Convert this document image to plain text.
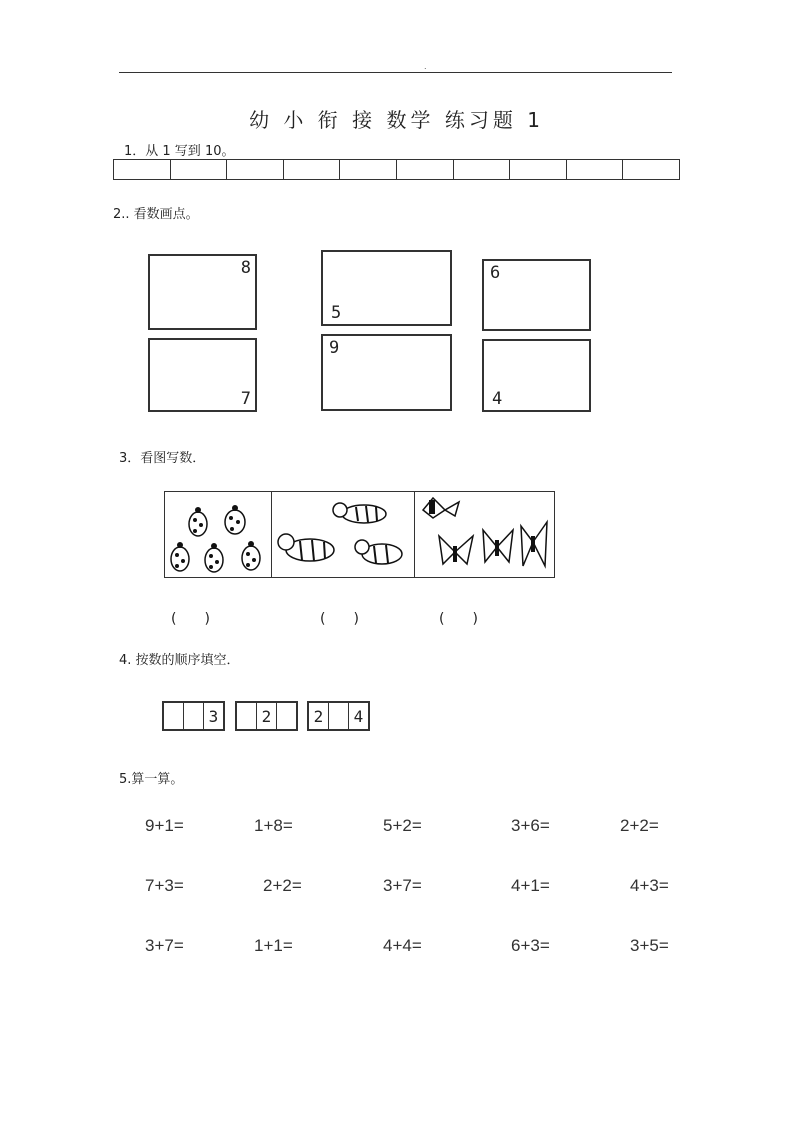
.
幼 小 衔 接 数学 练习题 1
1．从 1 写到 10。
2.. 看数画点。
8
5
6
7
9
4
3．看图写数．
(　　)	(　　)	(　　)
4. 按数的顺序填空．
3	2	2	4
5.算一算。
9+1=	1+8=	5+2=	3+6=	2+2=
7+3=	2+2=	3+7=	4+1=	4+3=
3+7=	1+1=	4+4=	6+3=	3+5=
